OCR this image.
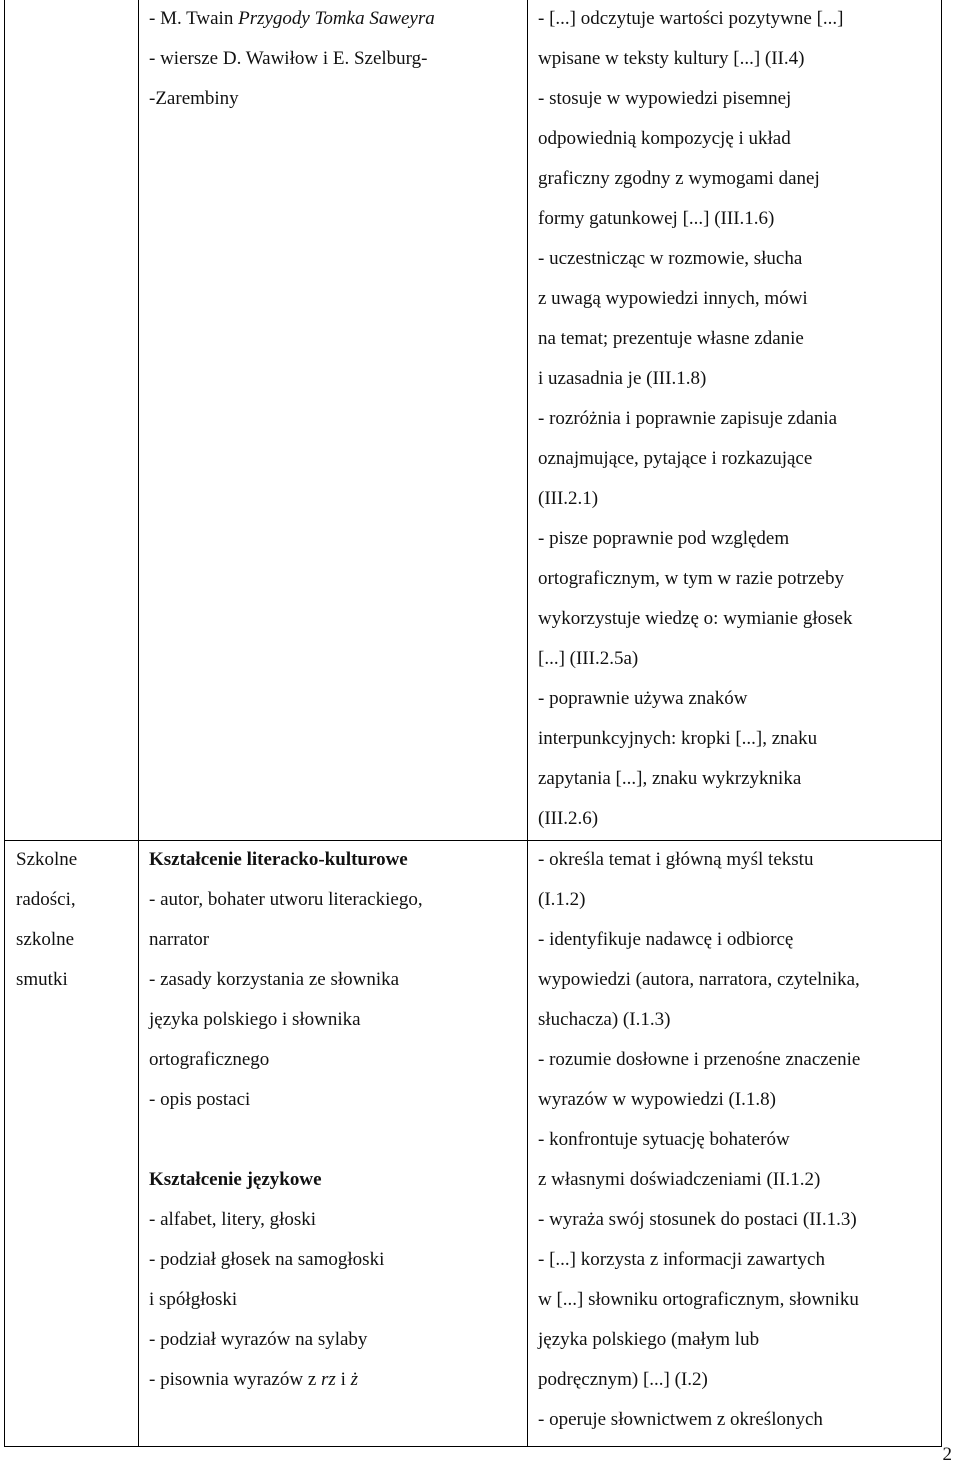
- M. Twain Przygody Tomka Saweyra
- wiersze D. Wawiłow i E. Szelburg-
-Zarembiny
- [...] odczytuje wartości pozytywne [...]
wpisane w teksty kultury [...] (II.4)
- stosuje w wypowiedzi pisemnej
odpowiednią kompozycję i układ
graficzny zgodny z wymogami danej
formy gatunkowej [...] (III.1.6)
- uczestnicząc w rozmowie, słucha
z uwagą wypowiedzi innych, mówi
na temat; prezentuje własne zdanie
i uzasadnia je (III.1.8)
- rozróżnia i poprawnie zapisuje zdania
oznajmujące, pytające i rozkazujące
(III.2.1)
- pisze poprawnie pod względem
ortograficznym, w tym w razie potrzeby
wykorzystuje wiedzę o: wymianie głosek
[...] (III.2.5a)
- poprawnie używa znaków
interpunkcyjnych: kropki [...], znaku
zapytania [...], znaku wykrzyknika
(III.2.6)
Szkolne
radości,
szkolne
smutki
Kształcenie literacko-kulturowe
- autor, bohater utworu literackiego,
narrator
- zasady korzystania ze słownika
języka polskiego i słownika
ortograficznego
- opis postaci
Kształcenie językowe
- alfabet, litery, głoski
- podział głosek na samogłoski
i spółgłoski
- podział wyrazów na sylaby
- pisownia wyrazów z rz i ż
- określa temat i główną myśl tekstu
(I.1.2)
- identyfikuje nadawcę i odbiorcę
wypowiedzi (autora, narratora, czytelnika,
słuchacza) (I.1.3)
- rozumie dosłowne i przenośne znaczenie
wyrazów w wypowiedzi (I.1.8)
- konfrontuje sytuację bohaterów
z własnymi doświadczeniami (II.1.2)
- wyraża swój stosunek do postaci (II.1.3)
- [...] korzysta z informacji zawartych
w [...] słowniku ortograficznym, słowniku
języka polskiego (małym lub
podręcznym) [...] (I.2)
- operuje słownictwem z określonych
2
